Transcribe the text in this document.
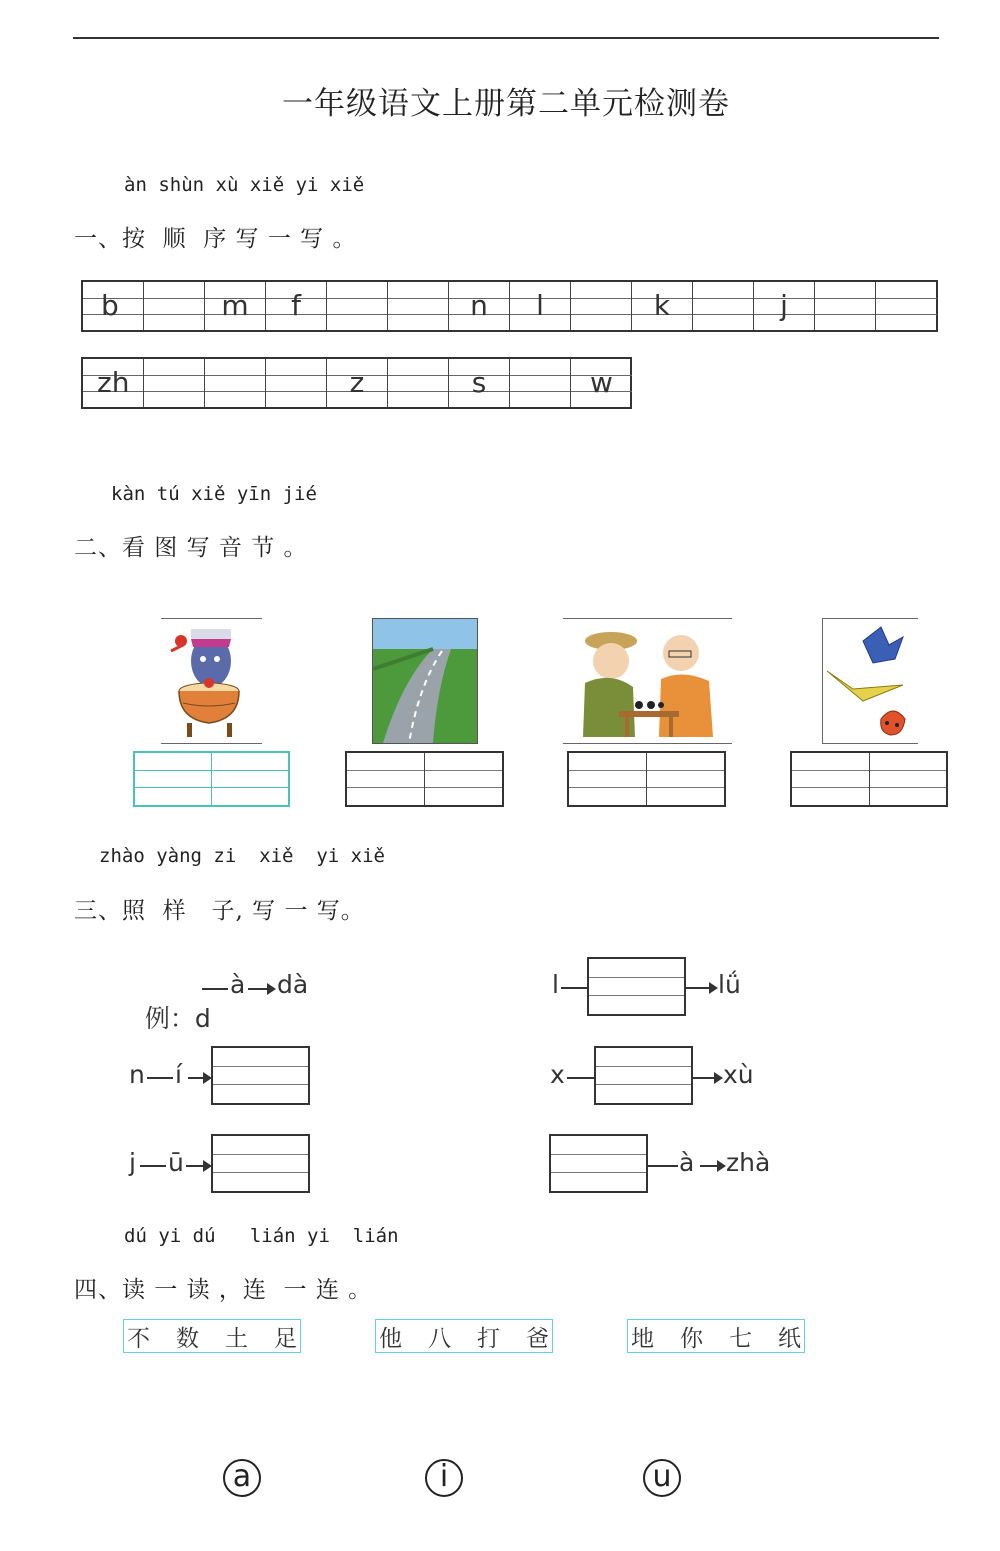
一年级语文上册第二单元检测卷
àn shùn xù xiě yi xiě
一、按  顺  序 写 一 写 。
b	m	f	n	l	k	j
zh	z	s	w
kàn tú xiě yīn jié
二、看 图 写 音 节 。
zhào yàng zi  xiě  yi xiě
三、照  样   子, 写 一 写。

例：d

à dà	l	lǘ
n í	x	xù
j ū	à zhà
dú yi dú   lián yi  lián
四、读 一 读 ，连  一 连 。
不 数 土 足	他 八 打 爸	地 你 七 纸
a	i	u
